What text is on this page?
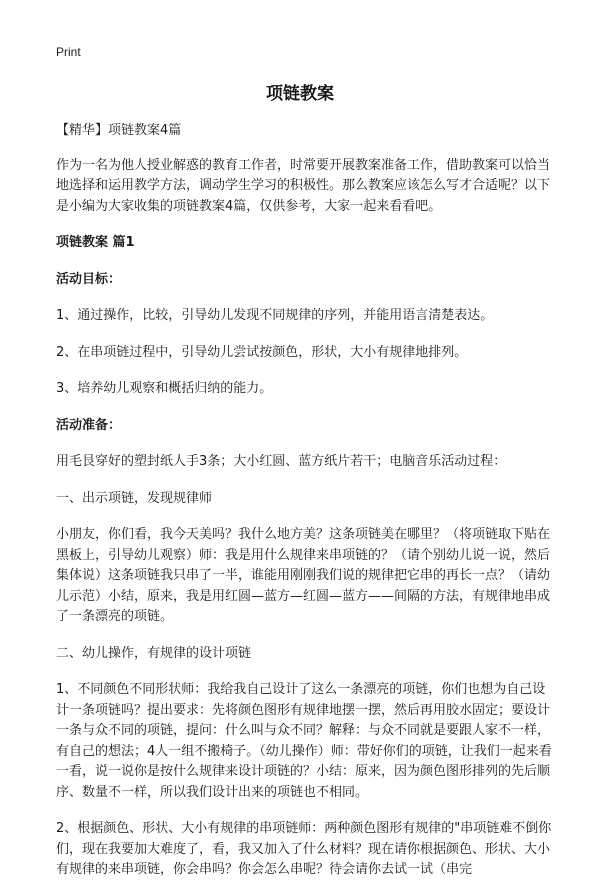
Print
项链教案

【精华】项链教案4篇

作为一名为他人授业解惑的教育工作者，时常要开展教案准备工作，借助教案可以恰当地选择和运用教学方法，调动学生学习的积极性。那么教案应该怎么写才合适呢？以下是小编为大家收集的项链教案4篇，仅供参考，大家一起来看看吧。

项链教案 篇1

活动目标：

1、通过操作，比较，引导幼儿发现不同规律的序列，并能用语言清楚表达。

2、在串项链过程中，引导幼儿尝试按颜色，形状，大小有规律地排列。

3、培养幼儿观察和概括归纳的能力。

活动准备：

用毛艮穿好的塑封纸人手3条；大小红圆、蓝方纸片若干；电脑音乐活动过程：

一、出示项链，发现规律师

小朋友，你们看，我今天美吗？我什么地方美？这条项链美在哪里？（将项链取下贴在黑板上，引导幼儿观察）师：我是用什么规律来串项链的？（请个别幼儿说一说，然后集体说）这条项链我只串了一半，谁能用刚刚我们说的规律把它串的再长一点？（请幼儿示范）小结，原来，我是用红圆—蓝方—红圆—蓝方——间隔的方法，有规律地串成了一条漂亮的项链。

二、幼儿操作，有规律的设计项链

1、不同颜色不同形状师：我给我自己设计了这么一条漂亮的项链，你们也想为自己设计一条项链吗？提出要求：先将颜色图形有规律地摆一摆，然后再用胶水固定；要设计一条与众不同的项链，提问：什么叫与众不同？解释：与众不同就是要跟人家不一样，有自己的想法；4人一组不搬椅子。（幼儿操作）师：带好你们的项链，让我们一起来看一看，说一说你是按什么规律来设计项链的？小结：原来，因为颜色图形排列的先后顺序、数量不一样，所以我们设计出来的项链也不相同。

2、根据颜色、形状、大小有规律的串项链师：两种颜色图形有规律的"串项链难不倒你们，现在我要加大难度了，看，我又加入了什么材料？现在请你根据颜色、形状、大小有规律的来串项链，你会串吗？你会怎么串呢？待会请你去试一试（串完
